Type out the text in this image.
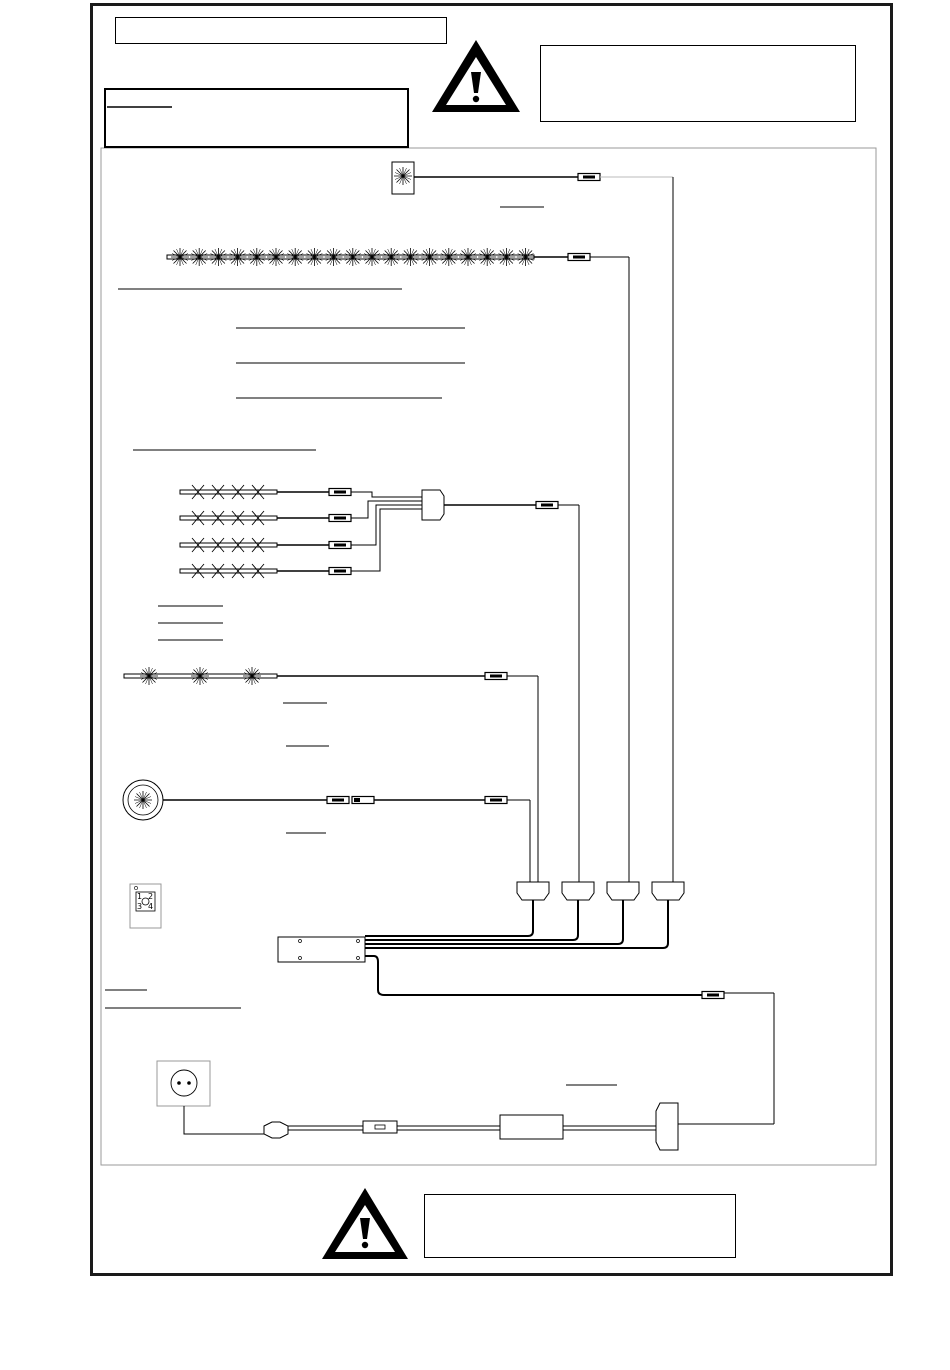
1 2
3 4
